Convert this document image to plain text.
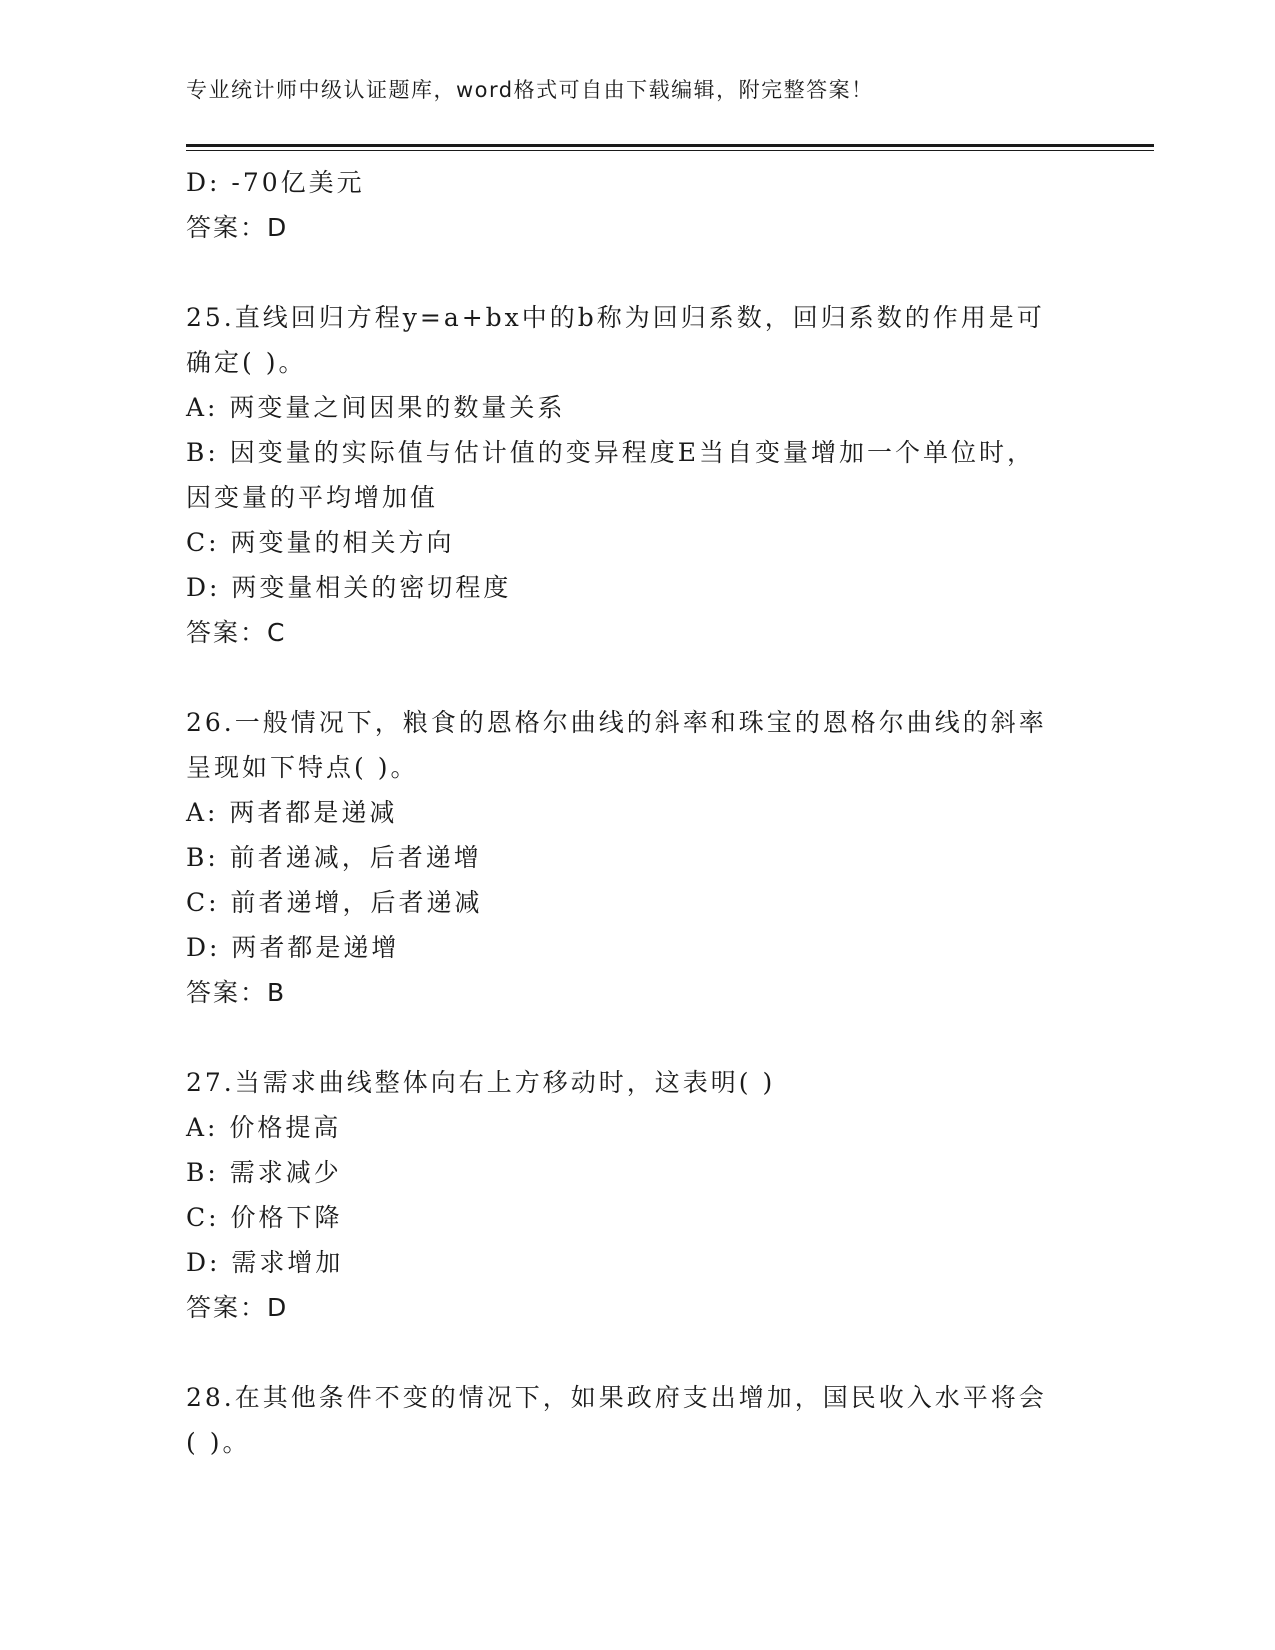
专业统计师中级认证题库，word格式可自由下载编辑，附完整答案！
D: -70亿美元
答案：D
25.直线回归方程y=a+bx中的b称为回归系数，回归系数的作用是可
确定( )。
A: 两变量之间因果的数量关系
B: 因变量的实际值与估计值的变异程度E当自变量增加一个单位时，
因变量的平均增加值
C: 两变量的相关方向
D: 两变量相关的密切程度
答案：C
26.一般情况下，粮食的恩格尔曲线的斜率和珠宝的恩格尔曲线的斜率
呈现如下特点( )。
A: 两者都是递减
B: 前者递减，后者递增
C: 前者递增，后者递减
D: 两者都是递增
答案：B
27.当需求曲线整体向右上方移动时，这表明( )
A: 价格提高
B: 需求减少
C: 价格下降
D: 需求增加
答案：D
28.在其他条件不变的情况下，如果政府支出增加，国民收入水平将会
( )。
